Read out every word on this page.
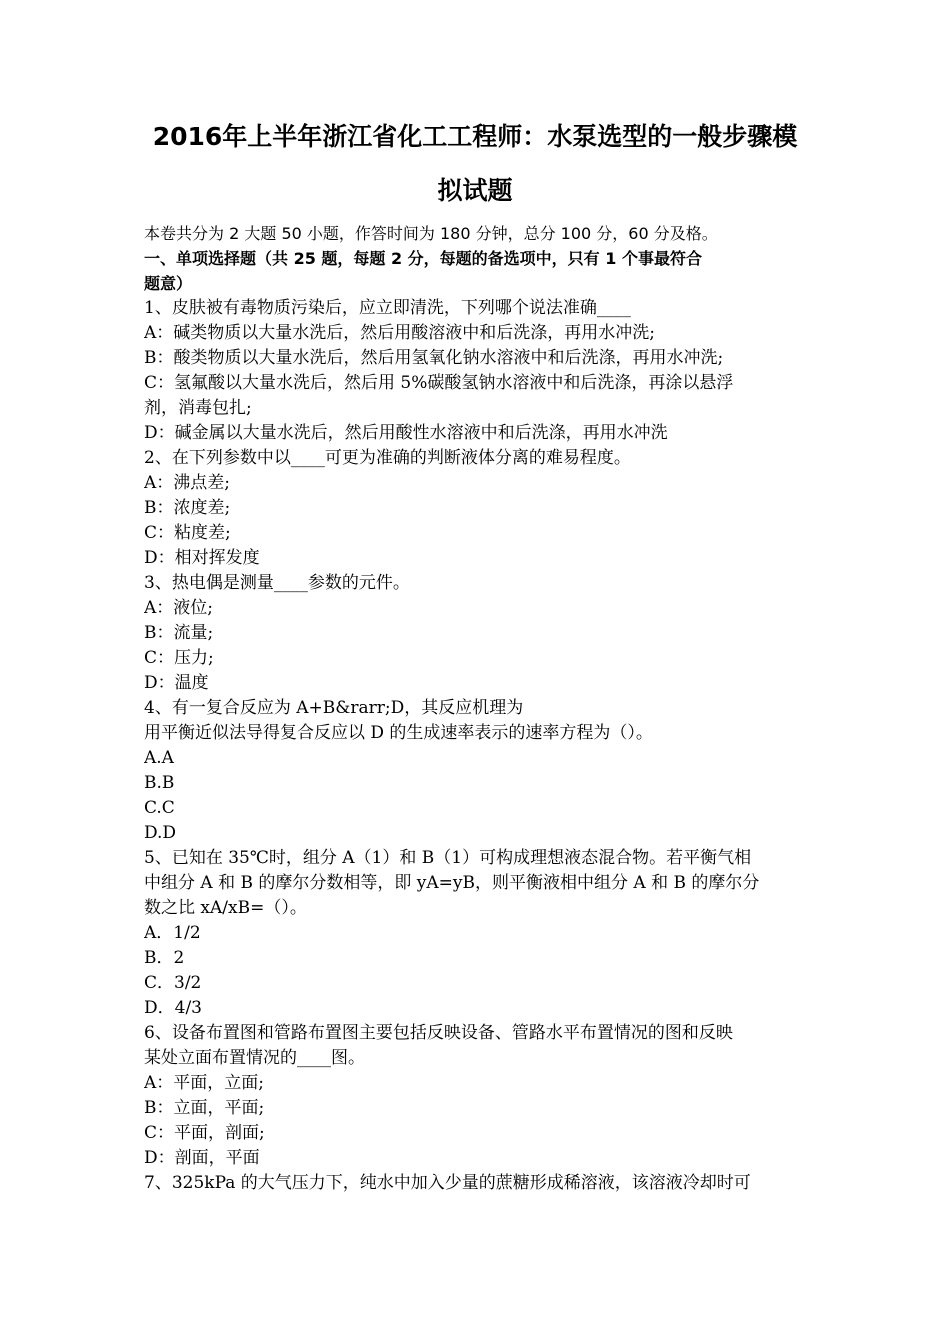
2016年上半年浙江省化工工程师：水泵选型的一般步骤模
拟试题
本卷共分为 2 大题 50 小题，作答时间为 180 分钟，总分 100 分，60 分及格。
一、单项选择题（共 25 题，每题 2 分，每题的备选项中，只有 1 个事最符合
题意）
1、皮肤被有毒物质污染后，应立即清洗，下列哪个说法准确____
A：碱类物质以大量水洗后，然后用酸溶液中和后洗涤，再用水冲洗;
B：酸类物质以大量水洗后，然后用氢氧化钠水溶液中和后洗涤，再用水冲洗;
C：氢氟酸以大量水洗后，然后用 5%碳酸氢钠水溶液中和后洗涤，再涂以悬浮
剂，消毒包扎;
D：碱金属以大量水洗后，然后用酸性水溶液中和后洗涤，再用水冲洗
2、在下列参数中以____可更为准确的判断液体分离的难易程度。
A：沸点差;
B：浓度差;
C：粘度差;
D：相对挥发度
3、热电偶是测量____参数的元件。
A：液位;
B：流量;
C：压力;
D：温度
4、有一复合反应为 A+B&rarr;D，其反应机理为
用平衡近似法导得复合反应以 D 的生成速率表示的速率方程为（）。
A.A
B.B
C.C
D.D
5、已知在 35℃时，组分 A（1）和 B（1）可构成理想液态混合物。若平衡气相
中组分 A 和 B 的摩尔分数相等，即 yA=yB，则平衡液相中组分 A 和 B 的摩尔分
数之比 xA/xB=（）。
A．1/2
B．2
C．3/2
D．4/3
6、设备布置图和管路布置图主要包括反映设备、管路水平布置情况的图和反映
某处立面布置情况的____图。
A：平面，立面;
B：立面，平面;
C：平面，剖面;
D：剖面，平面
7、325kPa 的大气压力下，纯水中加入少量的蔗糖形成稀溶液，该溶液冷却时可
